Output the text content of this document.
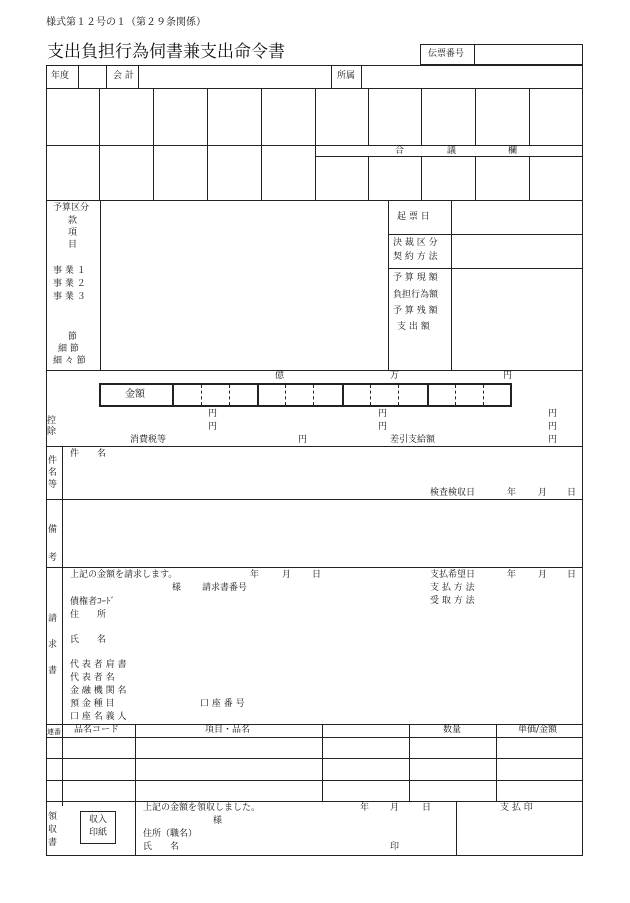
様式第１２号の１（第２９条関係）
支出負担行為伺書兼支出命令書	伝票番号
年度	会 計	所属
合	議	欄
予算区分
款
項
目
事 業 １
事 業 ２
事 業 ３
節
細 節
細 々 節
起 票 日
決 裁 区 分
契 約 方 法
予 算 現 額
負担行為額
予 算 残 額
支 出 額
億	万	円
金額
控除
円	円	円
円	円	円
消費税等	円	差引支給額	円
件名等
件　　名
検査検収日	年 月 日
備考
請求書
上記の金額を請求します。	年	月 日	支払希望日	年 月 日
様 請求書番号	支 払 方 法
受 取 方 法
債権者ｺｰﾄﾞ
住　　所
氏　　名
代 表 者 肩 書
代 表 者 名
金 融 機 関 名
預 金 種 目	口 座 番 号
口 座 名 義 人
連番 品名コード	項目・品名	数量	単価/金額
領収書
収入
印紙
上記の金額を領収しました。	年 月	日	支 払 印
様
住所（職名）
氏　　名	印
